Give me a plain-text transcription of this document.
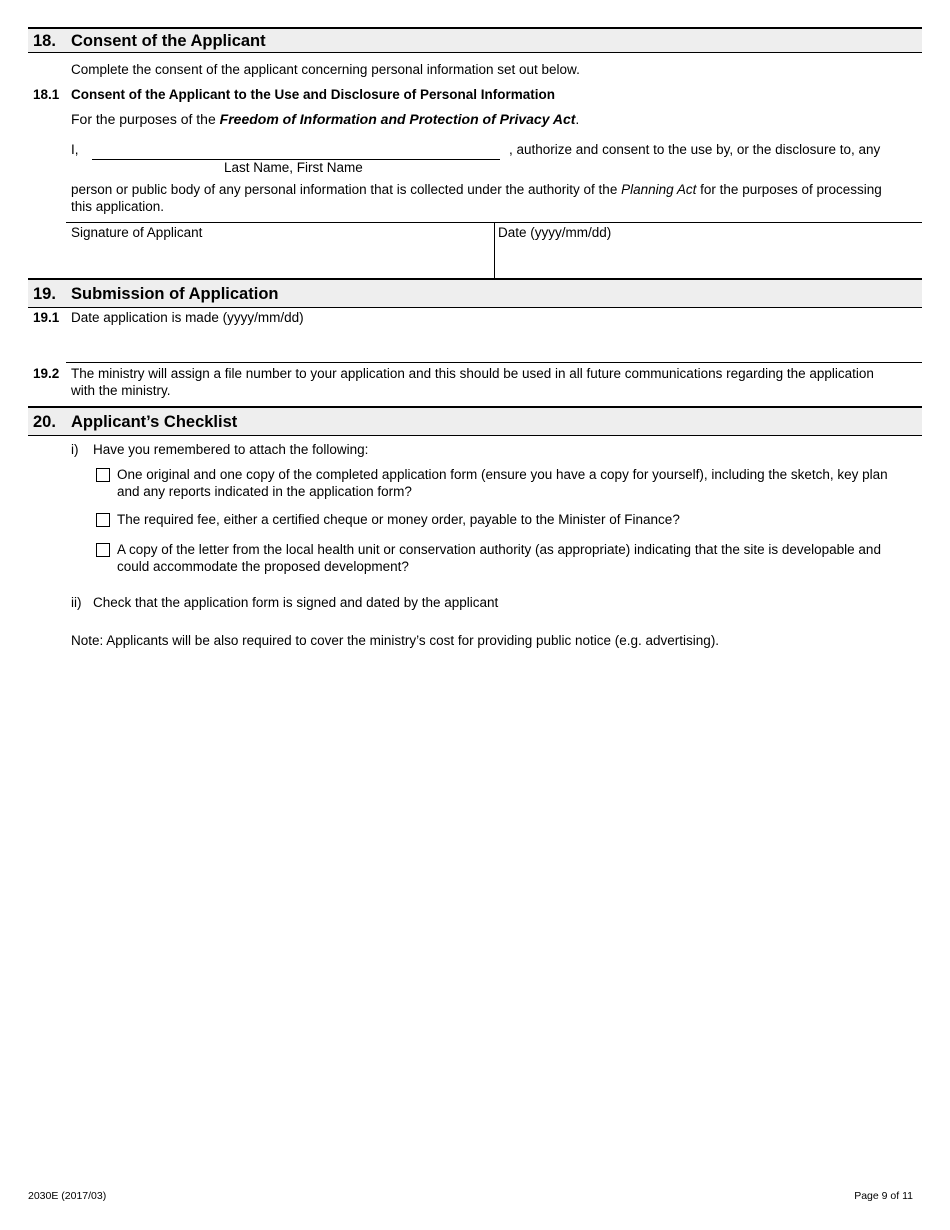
18. Consent of the Applicant
Complete the consent of the applicant concerning personal information set out below.
18.1 Consent of the Applicant to the Use and Disclosure of Personal Information
For the purposes of the Freedom of Information and Protection of Privacy Act.
I,	, authorize and consent to the use by, or the disclosure to, any
Last Name, First Name
person or public body of any personal information that is collected under the authority of the Planning Act for the purposes of processing
this application.
Signature of Applicant	Date (yyyy/mm/dd)
19. Submission of Application
19.1 Date application is made (yyyy/mm/dd)
19.2 The ministry will assign a file number to your application and this should be used in all future communications regarding the application
with the ministry.
20. Applicant’s Checklist
i) Have you remembered to attach the following:
One original and one copy of the completed application form (ensure you have a copy for yourself), including the sketch, key plan
and any reports indicated in the application form?
The required fee, either a certified cheque or money order, payable to the Minister of Finance?
A copy of the letter from the local health unit or conservation authority (as appropriate) indicating that the site is developable and
could accommodate the proposed development?
ii) Check that the application form is signed and dated by the applicant
Note: Applicants will be also required to cover the ministry’s cost for providing public notice (e.g. advertising).
2030E (2017/03)	Page 9 of 11
